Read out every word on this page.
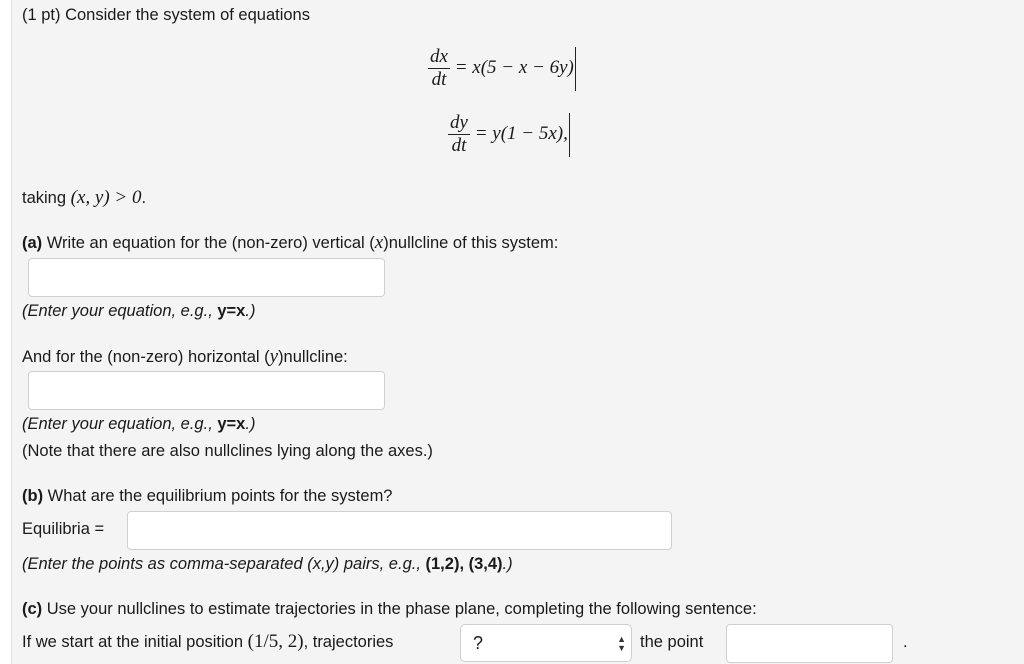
(1 pt) Consider the system of equations
$\frac{dx}{dt} = x(5 - x - 6y)$
$\frac{dy}{dt} = y(1 - 5x)$,
taking (x, y) > 0.
(a) Write an equation for the (non-zero) vertical (x)nullcline of this system:
(Enter your equation, e.g., y=x.)
And for the (non-zero) horizontal (y)nullcline:
(Enter your equation, e.g., y=x.)
(Note that there are also nullclines lying along the axes.)
(b) What are the equilibrium points for the system?
Equilibria =
(Enter the points as comma-separated (x,y) pairs, e.g., (1,2), (3,4).)
(c) Use your nullclines to estimate trajectories in the phase plane, completing the following sentence:
If we start at the initial position (1/5, 2), trajectories	?	▲
▼ the point	.
